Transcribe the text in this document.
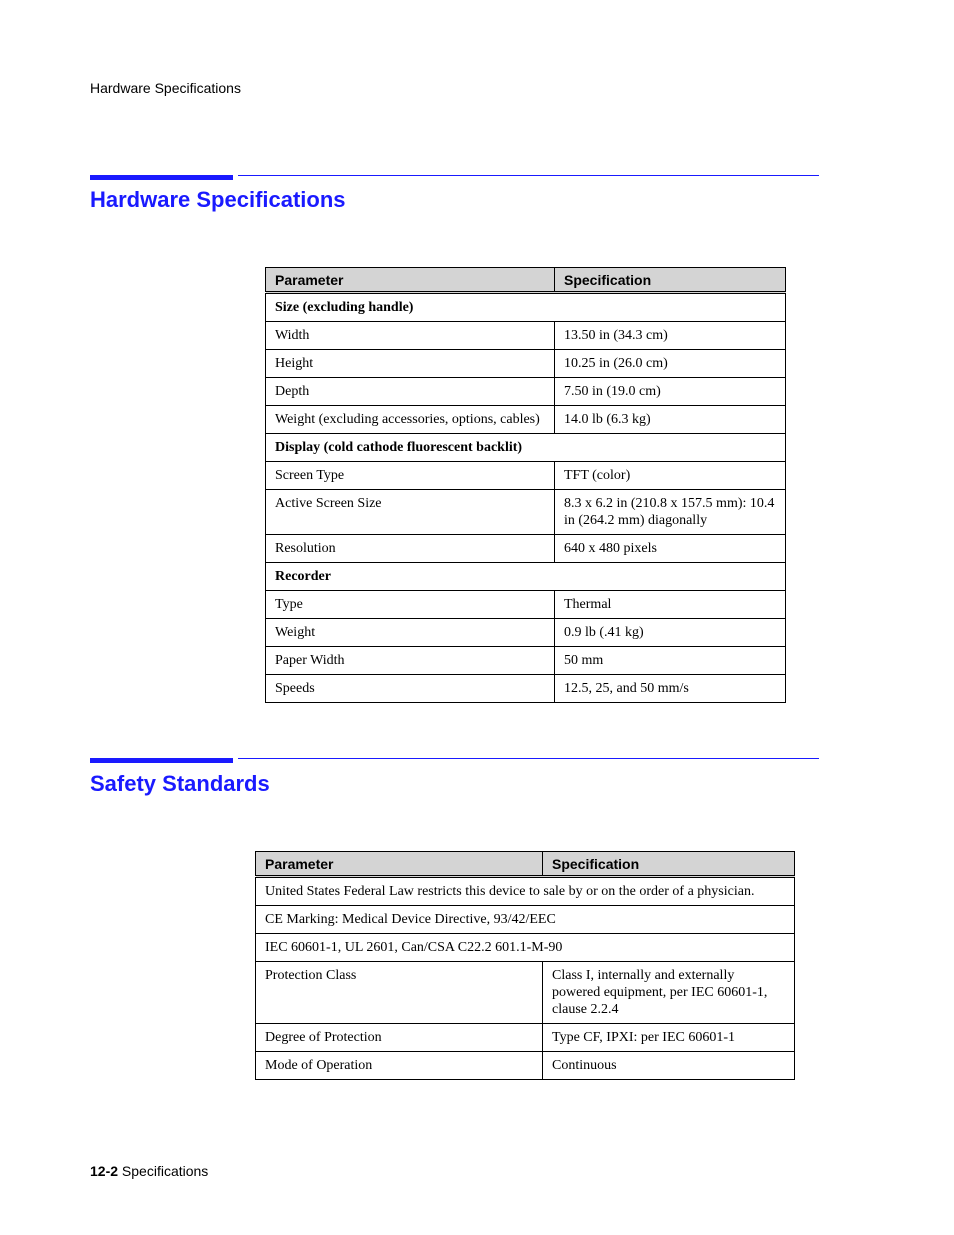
Hardware Specifications
Hardware Specifications
Parameter	Specification
Size (excluding handle)	
Width	13.50 in (34.3 cm)
Height	10.25 in (26.0 cm)
Depth	7.50 in (19.0 cm)
Weight (excluding accessories, options, cables)	14.0 lb (6.3 kg)
Display (cold cathode fluorescent backlit)	
Screen Type	TFT (color)
Active Screen Size	8.3 x 6.2 in (210.8 x 157.5 mm): 10.4 in (264.2 mm) diagonally
Resolution	640 x 480 pixels
Recorder	
Type	Thermal
Weight	0.9 lb (.41 kg)
Paper Width	50 mm
Speeds	12.5, 25, and 50 mm/s
Safety Standards
Parameter	Specification
United States Federal Law restricts this device to sale by or on the order of a physician.	
CE Marking: Medical Device Directive, 93/42/EEC	
IEC 60601-1, UL 2601, Can/CSA C22.2 601.1-M-90	
Protection Class	Class I, internally and externally powered equipment, per IEC 60601-1, clause 2.2.4
Degree of Protection	Type CF, IPXI: per IEC 60601-1
Mode of Operation	Continuous
12-2 Specifications
